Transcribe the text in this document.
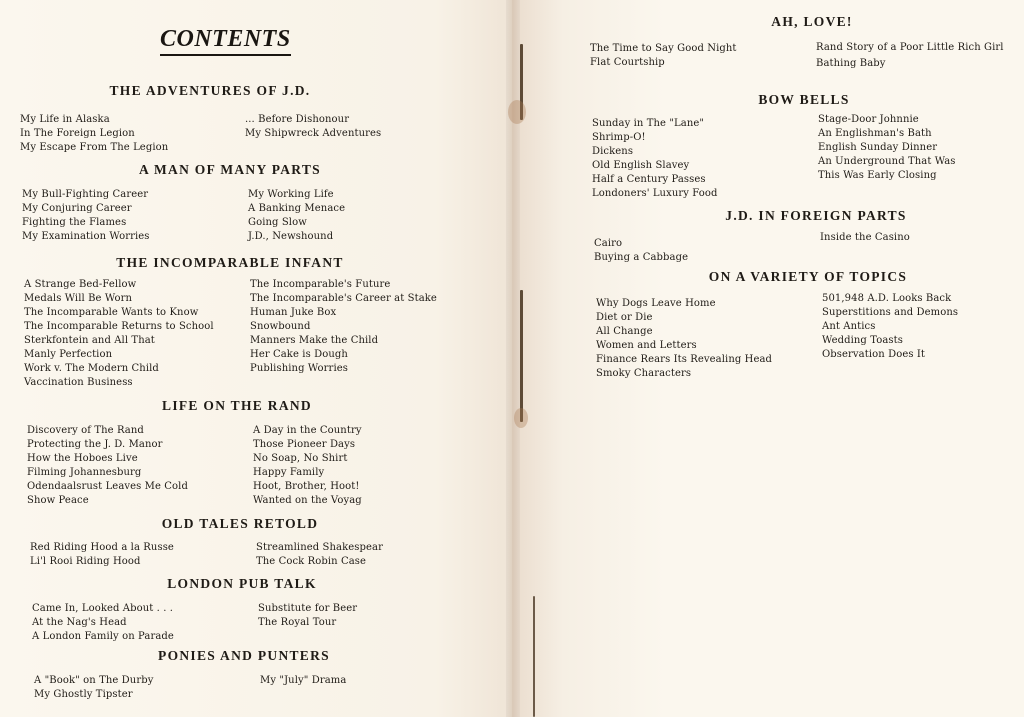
CONTENTS
THE ADVENTURES OF J.D.
My Life in Alaska
In The Foreign Legion
My Escape From The Legion
... Before Dishonour
My Shipwreck Adventures
A MAN OF MANY PARTS
My Bull-Fighting Career
My Conjuring Career
Fighting the Flames
My Examination Worries
My Working Life
A Banking Menace
Going Slow
J.D., Newshound
THE INCOMPARABLE INFANT
A Strange Bed-Fellow
Medals Will Be Worn
The Incomparable Wants to Know
The Incomparable Returns to School
Sterkfontein and All That
Manly Perfection
Work v. The Modern Child
Vaccination Business
The Incomparable's Future
The Incomparable's Career at Stake
Human Juke Box
Snowbound
Manners Make the Child
Her Cake is Dough
Publishing Worries
LIFE ON THE RAND
Discovery of The Rand
Protecting the J. D. Manor
How the Hoboes Live
Filming Johannesburg
Odendaalsrust Leaves Me Cold
Show Peace
A Day in the Country
Those Pioneer Days
No Soap, No Shirt
Happy Family
Hoot, Brother, Hoot!
Wanted on the Voyag
OLD TALES RETOLD
Red Riding Hood a la Russe
Li'l Rooi Riding Hood
Streamlined Shakespear
The Cock Robin Case
LONDON PUB TALK
Came In, Looked About . . .
At the Nag's Head
A London Family on Parade
Substitute for Beer
The Royal Tour
PONIES AND PUNTERS
A "Book" on The Durby
My Ghostly Tipster
My "July" Drama
AH, LOVE!
The Time to Say Good Night
Flat Courtship
Rand Story of a Poor Little Rich Girl
Bathing Baby
BOW BELLS
Sunday in The "Lane"
Shrimp-O!
Dickens
Old English Slavey
Half a Century Passes
Londoners' Luxury Food
Stage-Door Johnnie
An Englishman's Bath
English Sunday Dinner
An Underground That Was
This Was Early Closing
J.D. IN FOREIGN PARTS
Cairo
Buying a Cabbage
Inside the Casino
ON A VARIETY OF TOPICS
Why Dogs Leave Home
Diet or Die
All Change
Women and Letters
Finance Rears Its Revealing Head
Smoky Characters
501,948 A.D. Looks Back
Superstitions and Demons
Ant Antics
Wedding Toasts
Observation Does It
